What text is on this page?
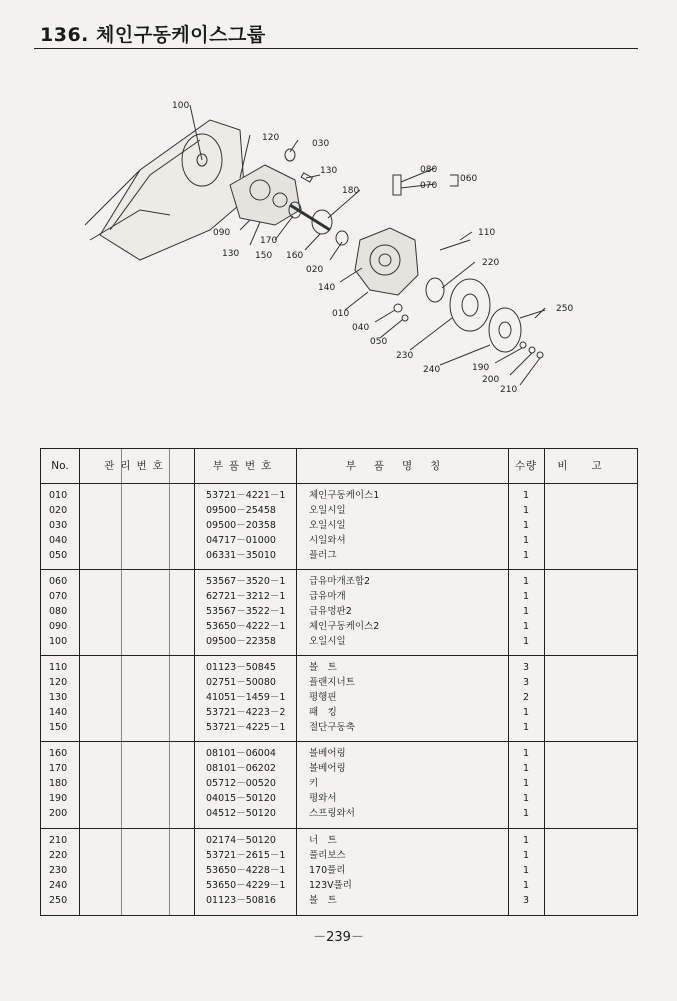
136. 체인구동케이스그룹
100
120
030
130
180
080
070
060
090
130
170
150 160
110
020
220
140
010	250
040
050
230
240	190
200
210
No.	관리번호	부품번호	부품명칭	수량	비고
010	53721－4221－1 체인구동케이스1	1
020	09500－25458	오일시일	1
030	09500－20358	오일시일	1
040	04717－01000	시일와셔	1
050	06331－35010	플러그	1
060	53567－3520－1 급유마개조합2	1
070	62721－3212－1 급유마개	1
080	53567－3522－1 급유멍판2	1
090	53650－4222－1 체인구동케이스2	1
100	09500－22358	오일시일	1
110	01123－50845	볼　트	3
120	02751－50080	플랜지너트	3
130	41051－1459－1 평행핀	2
140	53721－4223－2 패　킹	1
150	53721－4225－1 절단구동축	1
160	08101－06004	볼베어링	1
170	08101－06202	볼베어링	1
180	05712－00520	키	1
190	04015－50120	평와서	1
200	04512－50120	스프링와서	1
210	02174－50120	너　트	1
220	53721－2615－1 풀리보스	1
230	53650－4228－1 170풀리	1
240	53650－4229－1 123V풀리	1
250	01123－50816	볼　트	3
－239－
